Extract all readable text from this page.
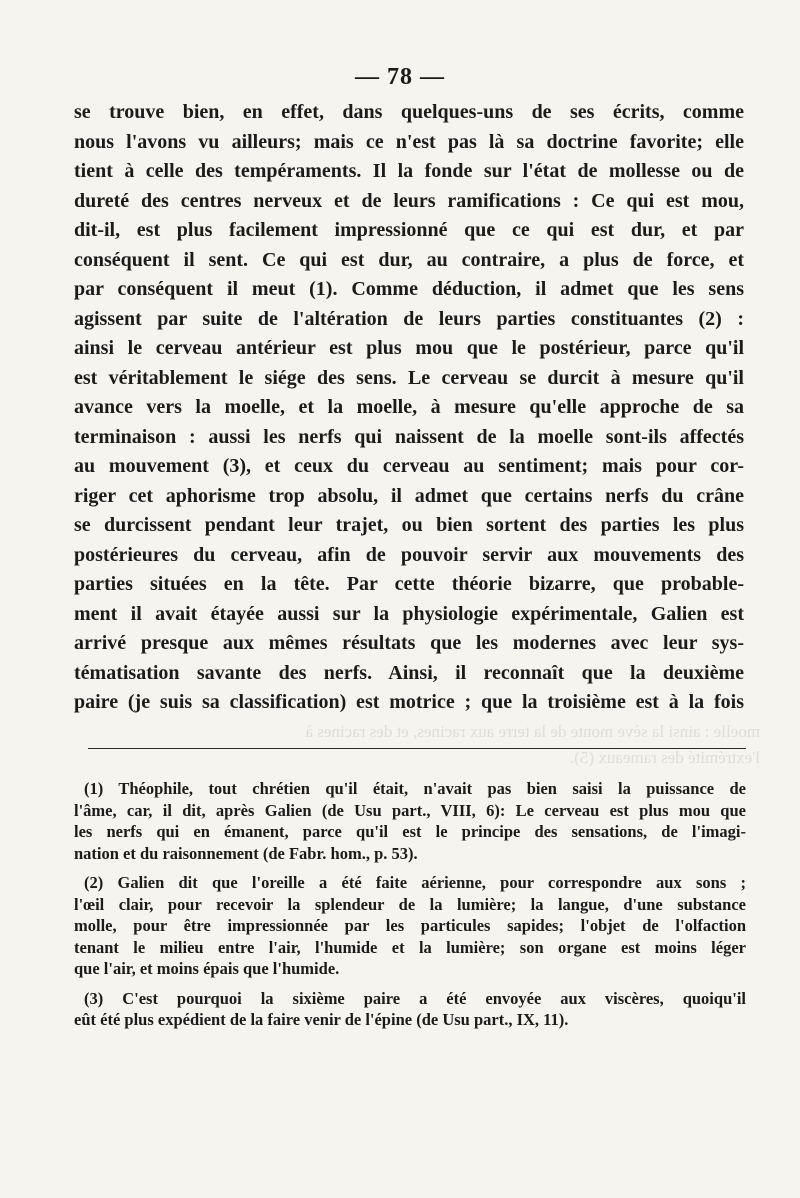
moelle : ainsi la sève monte de la terre aux racines, et des racines à
l'extrémité des rameaux (5).
— 78 —
se trouve bien, en effet, dans quelques-uns de ses écrits, comme
nous l'avons vu ailleurs; mais ce n'est pas là sa doctrine favorite; elle
tient à celle des tempéraments. Il la fonde sur l'état de mollesse ou de
dureté des centres nerveux et de leurs ramifications : Ce qui est mou,
dit-il, est plus facilement impressionné que ce qui est dur, et par
conséquent il sent. Ce qui est dur, au contraire, a plus de force, et
par conséquent il meut (1). Comme déduction, il admet que les sens
agissent par suite de l'altération de leurs parties constituantes (2) :
ainsi le cerveau antérieur est plus mou que le postérieur, parce qu'il
est véritablement le siége des sens. Le cerveau se durcit à mesure qu'il
avance vers la moelle, et la moelle, à mesure qu'elle approche de sa
terminaison : aussi les nerfs qui naissent de la moelle sont-ils affectés
au mouvement (3), et ceux du cerveau au sentiment; mais pour cor-
riger cet aphorisme trop absolu, il admet que certains nerfs du crâne
se durcissent pendant leur trajet, ou bien sortent des parties les plus
postérieures du cerveau, afin de pouvoir servir aux mouvements des
parties situées en la tête. Par cette théorie bizarre, que probable-
ment il avait étayée aussi sur la physiologie expérimentale, Galien est
arrivé presque aux mêmes résultats que les modernes avec leur sys-
tématisation savante des nerfs. Ainsi, il reconnaît que la deuxième
paire (je suis sa classification) est motrice ; que la troisième est à la fois
(1) Théophile, tout chrétien qu'il était, n'avait pas bien saisi la puissance de
l'âme, car, il dit, après Galien (de Usu part., VIII, 6): Le cerveau est plus mou que
les nerfs qui en émanent, parce qu'il est le principe des sensations, de l'imagi-
nation et du raisonnement (de Fabr. hom., p. 53).
(2) Galien dit que l'oreille a été faite aérienne, pour correspondre aux sons ;
l'œil clair, pour recevoir la splendeur de la lumière; la langue, d'une substance
molle, pour être impressionnée par les particules sapides; l'objet de l'olfaction
tenant le milieu entre l'air, l'humide et la lumière; son organe est moins léger
que l'air, et moins épais que l'humide.
(3) C'est pourquoi la sixième paire a été envoyée aux viscères, quoiqu'il
eût été plus expédient de la faire venir de l'épine (de Usu part., IX, 11).
